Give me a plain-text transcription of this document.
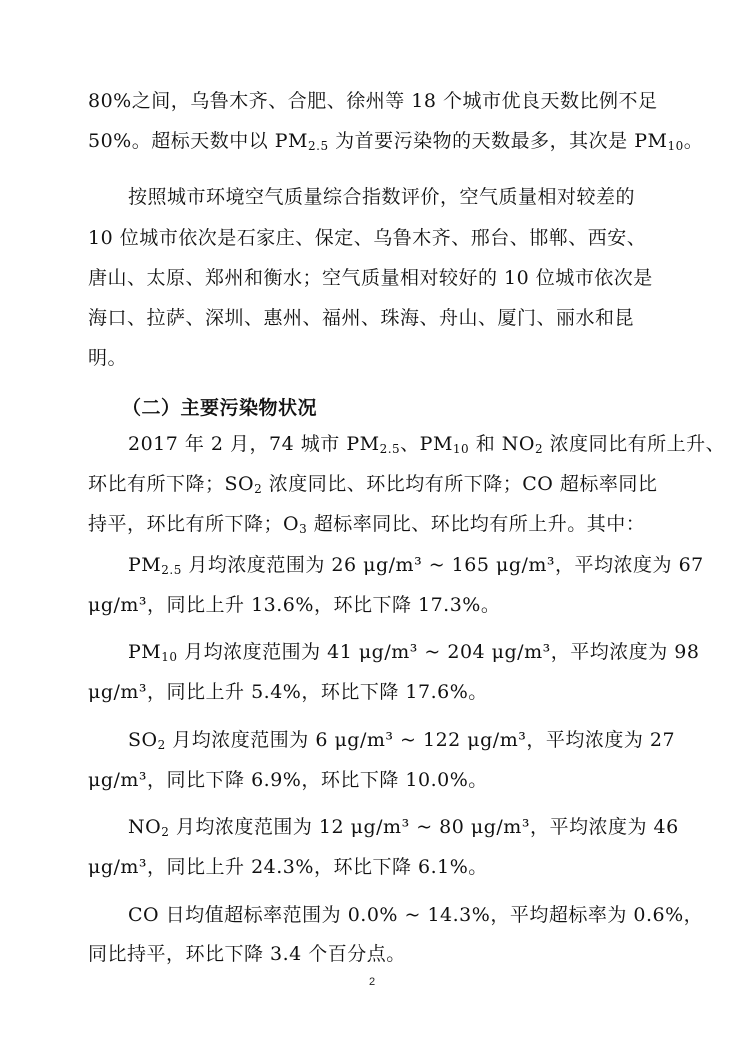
80%之间，乌鲁木齐、合肥、徐州等 18 个城市优良天数比例不足
50%。超标天数中以 $PM_{2.5}$ 为首要污染物的天数最多，其次是 $PM_{10}$。
按照城市环境空气质量综合指数评价，空气质量相对较差的
10 位城市依次是石家庄、保定、乌鲁木齐、邢台、邯郸、西安、
唐山、太原、郑州和衡水；空气质量相对较好的 10 位城市依次是
海口、拉萨、深圳、惠州、福州、珠海、舟山、厦门、丽水和昆
明。
（二）主要污染物状况
2017 年 2 月，74 城市 $PM_{2.5}$、$PM_{10}$ 和 $NO_2$ 浓度同比有所上升、
环比有所下降；$SO_2$ 浓度同比、环比均有所下降；CO 超标率同比
持平，环比有所下降；$O_3$ 超标率同比、环比均有所上升。其中：
$PM_{2.5}$ 月均浓度范围为 26 μg/m³ ~ 165 μg/m³，平均浓度为 67
μg/m³，同比上升 13.6%，环比下降 17.3%。
$PM_{10}$ 月均浓度范围为 41 μg/m³ ~ 204 μg/m³，平均浓度为 98
μg/m³，同比上升 5.4%，环比下降 17.6%。
$SO_2$ 月均浓度范围为 6 μg/m³ ~ 122 μg/m³，平均浓度为 27
μg/m³，同比下降 6.9%，环比下降 10.0%。
$NO_2$ 月均浓度范围为 12 μg/m³ ~ 80 μg/m³，平均浓度为 46
μg/m³，同比上升 24.3%，环比下降 6.1%。
CO 日均值超标率范围为 0.0% ~ 14.3%，平均超标率为 0.6%，
同比持平，环比下降 3.4 个百分点。
2
